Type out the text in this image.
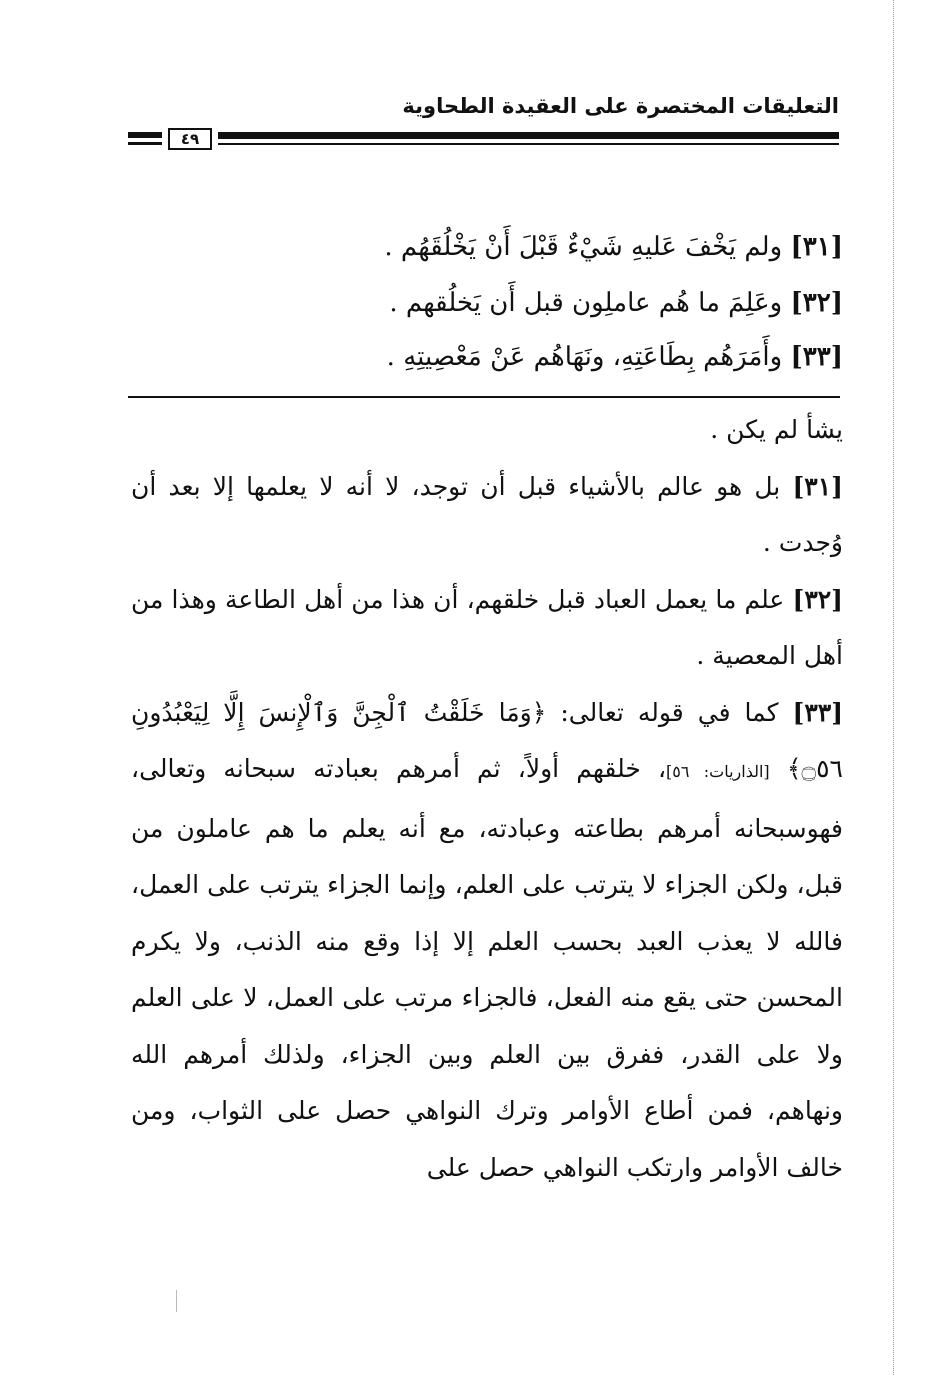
التعليقات المختصرة على العقيدة الطحاوية
٤٩
[٣١] ولم يَخْفَ عَليهِ شَيْءٌ قَبْلَ أَنْ يَخْلُقَهُم .
[٣٢] وعَلِمَ ما هُم عاملِون قبل أَن يَخلُقهم .
[٣٣] وأَمَرَهُم بِطَاعَتِهِ، ونَهَاهُم عَنْ مَعْصِيتِهِ .

يشأ لم يكن .

[٣١] بل هو عالم بالأشياء قبل أن توجد، لا أنه لا يعلمها إلا بعد أن وُجدت .

[٣٢] علم ما يعمل العباد قبل خلقهم، أن هذا من أهل الطاعة وهذا من أهل المعصية .

[٣٣] كما في قوله تعالى: ﴿وَمَا خَلَقْتُ ٱلْجِنَّ وَٱلْإِنسَ إِلَّا لِيَعْبُدُونِ ۝٥٦﴾ [الذاريات: ٥٦]، خلقهم أولاً، ثم أمرهم بعبادته سبحانه وتعالى، فهوسبحانه أمرهم بطاعته وعبادته، مع أنه يعلم ما هم عاملون من قبل، ولكن الجزاء لا يترتب على العلم، وإنما الجزاء يترتب على العمل، فالله لا يعذب العبد بحسب العلم إلا إذا وقع منه الذنب، ولا يكرم المحسن حتى يقع منه الفعل، فالجزاء مرتب على العمل، لا على العلم ولا على القدر، ففرق بين العلم وبين الجزاء، ولذلك أمرهم الله ونهاهم، فمن أطاع الأوامر وترك النواهي حصل على الثواب، ومن خالف الأوامر وارتكب النواهي حصل على
